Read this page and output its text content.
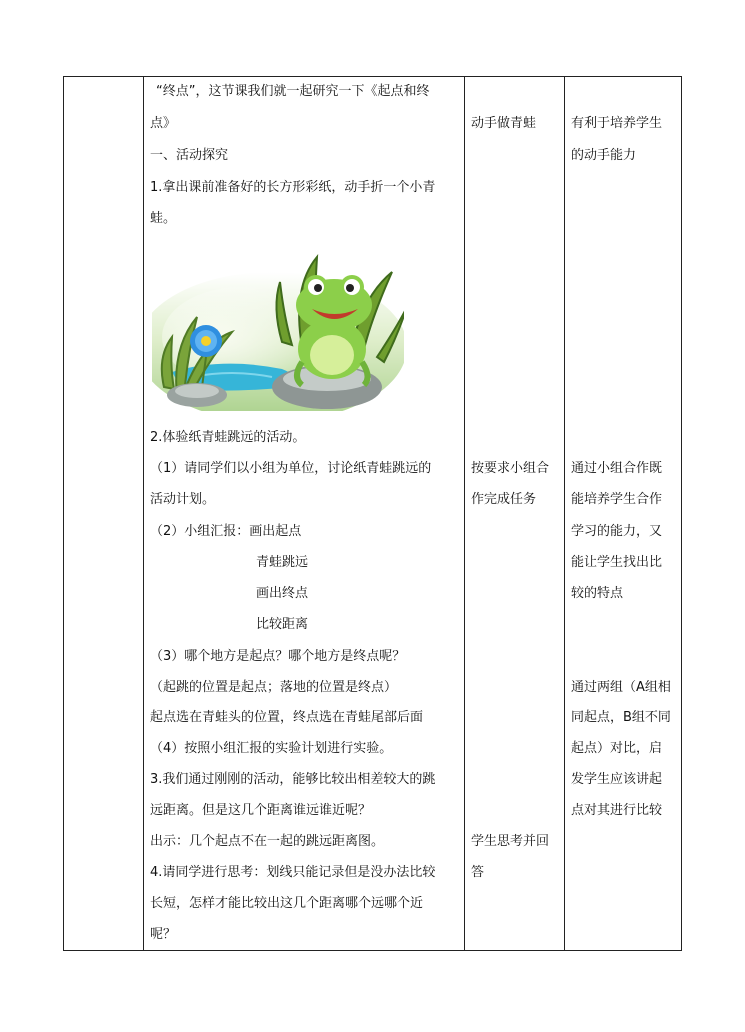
“终点”，这节课我们就一起研究一下《起点和终
点》
一、活动探究
1.拿出课前准备好的长方形彩纸，动手折一个小青
蛙。
2.体验纸青蛙跳远的活动。
（1）请同学们以小组为单位，讨论纸青蛙跳远的
活动计划。
（2）小组汇报：画出起点
青蛙跳远
画出终点
比较距离
（3）哪个地方是起点？哪个地方是终点呢？
（起跳的位置是起点；落地的位置是终点）
起点选在青蛙头的位置，终点选在青蛙尾部后面
（4）按照小组汇报的实验计划进行实验。
3.我们通过刚刚的活动，能够比较出相差较大的跳
远距离。但是这几个距离谁远谁近呢？
出示：几个起点不在一起的跳远距离图。
4.请同学进行思考：划线只能记录但是没办法比较
长短，怎样才能比较出这几个距离哪个远哪个近
呢？
动手做青蛙
按要求小组合
作完成任务
学生思考并回
答
有利于培养学生
的动手能力
通过小组合作既
能培养学生合作
学习的能力，又
能让学生找出比
较的特点
通过两组（A组相
同起点，B组不同
起点）对比，启
发学生应该讲起
点对其进行比较
